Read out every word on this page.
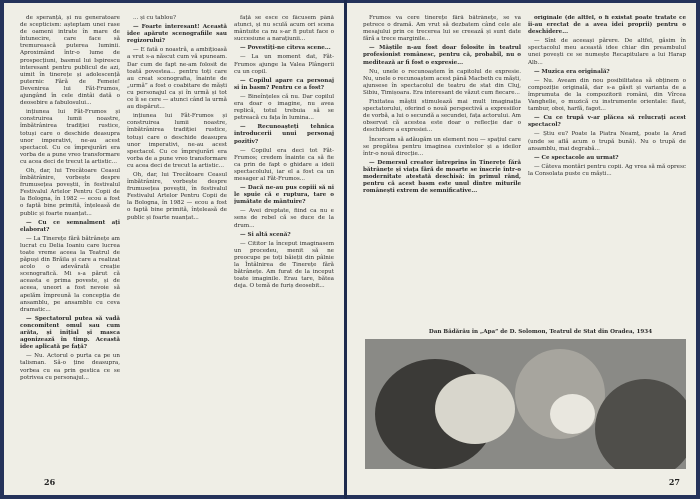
de speranță, și nu generatoare de scepticism: așteptam unei rase de oameni intrate în mare de întunecire, care face să tremurească puterea luminii. Aproximând într-o lume de prospecțiuni, basmul lui Ispirescu interesant pentru publicul de azi, uimit în tinerețe și adolescență puternic Fără de Femeie! Devenirea lui Făt-Frumos, ajungând în cele dintâi dată o deosebire a fabulosului...

ințiunea lui Făt-Frumos și construirea lumii noastre, îmbătrânirea tradiției rustice, totuși care o deschide deasupra unor imperativi, ne-au acest spectacol. Cu ce împrejurări era vorba de a pune vreo transformare cu acea deci de trecut la artistic...

Oh, dar, lui Trecătoare Ceasul îmbătrânire, vorbește despre frumusețea poveștii, în festivalul Festivalul Artelor Pentru Copii de la Bologna, în 1982 — ecou a fost o faptă bine primită, înțeleasă de public și foarte nuanțat...

— Cu ce semnalment ați elaborat?

— La Tinerețe fără bătrânețe am lucrat cu Delia Ioaniu care lucrea toate vreme aceea la Teatrul de păpuși din Brăila și care a realizat acolo o adevărată creație scenografică. Mi s-a părut că aceasta e prima poveste, și de aceea, uneori a fost nevoie să apelăm împreună la concepția de ansamblu, pe ansamblu cu ceva dramatic...

— Spectatorul putea să vadă concomitent omul sau cum arăta, și inițial și masca agonizează în timp. Această idee aplicată pe față?

— Nu. Actorul o purta ca pe un talisman. Să-o ține deasupra, vorbea cu ea prin gestica ce se potrivea cu personajul...

... și cu tablou?

— Foarte interesant! Această idee apărute scenografiile sau regizorului?

— E fată o noastră, a ambițioasă a vrut s-a născut cum vă spuneam. Dar cum de fapt ne-am folosit de toată povestea... pentru toți care au creat scenografia, înainte de „urmă” a fost o coabitare de măști cu personajul ca și în urmă și tot ce îi se cere — atunci când la urmă au dispărut...

ințiunea lui Făt-Frumos și construirea lumii noastre, îmbătrânirea tradiției rustice, totuși care o deschide deasupra unor imperativi, ne-au acest spectacol. Cu ce împrejurări era vorba de a pune vreo transformare cu acea deci de trecut la artistic...

Oh, dar, lui Trecătoare Ceasul îmbătrânire, vorbește despre frumusețea poveștii, în festivalul Festivalul Artelor Pentru Copii de la Bologna, în 1982 — ecou a fost o faptă bine primită, înțeleasă de public și foarte nuanțat...

față se esce ce fâcusem până atunci, și nu sculă acum ori scena mântuite ca nu s-ar fi putut face o succesiune a narațiunii...

— Povestiți-ne citeva scene...

— La un moment dat, Făt-Frumos ajunge la Valea Plângerii cu un copil.

— Copilul apare ca personaj si in basm? Pentru ce a fost?

— Bineînțeles că nu. Dar copilul era doar o imagine, nu avea replică, totul trebuia să se petreacă cu fața în lumina...

— Recunoașteți tehnica introducerii unui personaj pozitiv?

— Copilul era deci tot Făt-Frumos; credem înainte ca să fie ca prin de fapt o ghidare a ideii spectacolului, iar el a fost ca un mesager al Făt-Frumos...

— Dacă ne-au pus copiii să ni le spuie că e ruptura, tare o jumătate de mântuire?

— Avei dreptate, fiind ca nu e sens de rebel că se duce de la drum...

— Si altă scenă?

— Cititor la început imaginasem un procedeu, menit să ne preocupe pe toți băieții din pâlnie la Întâlnirea de Tinerețe fără bătrânețe. Am furat de la inceput toate imaginile. Erau tare, bătea deja. O temă de furiș deosebit...

26

Frumos va cere tinerețe fără bătrânețe, se va petrece o dramă. Am vrut să dezbatem când cele ale mesajului prin ce trecerea lui se creează și sunt date fără a trece marginile...

— Măștile n-au fost doar folosite în teatrul profesionist românesc, pentru că, probabil, nu o meditează ar fi fost o expresie...

Nu, unele o recunoaștem în capitolul de expresie. Nu, unele o recunoaștem acest până Macbeth cu măști, ajunsese în spectacolul de teatru de stat din Cluj, Sibiu, Timișoara. Era interesant de văzut cum fiecare...

Fixitatea măștii stimulează mai mult imaginația spectatorului, oferind o nouă perspectivă a expresiilor de vorbă, a lui o secundă a secundei, fața actorului. Am observat că acestea este doar o reflecție dar o deschidere a expresiei...

Încercam să adăugăm un element nou — spațiul care se pregătea pentru imaginea cuvintelor și a ideilor într-o nouă direcție...

— Demersul creator întreprins în Tinerețe fără bătrânețe și viața fără de moarte se înscrie într-o modernitate atestată deschisă: în primul rând, pentru că acest basm este unul dintre miturile românești extrem de semnificative...

originale (de altfel, o fi existat poate tratate ce îi-au erectat de a avea idei proprii) pentru o deschidere...

— Sînt de aceeași părere. De altfel, găsim în spectacolul meu această idee chiar din preambulul unei povești ce se numește Recapitulare a lui Harap Alb...

— Muzica era originală?

— Nu. Aveam din nou posibilitatea să obținem o compoziție originală, dar s-a găsit și varianta de a împrumuta de la compozitorii români, din Vîrcea Vanghelie, o muzică cu instrumente orientale: flaut, tambur, oboi, harfă, fagot...

— Cu ce trupă v-ar plăcea să relucrați acest spectacol?

— Știu eu? Poate la Piatra Neamț, poate la Arad (unde se află acum o trupă bună). Nu o trupă de ansamblu, mai degrabă...

— Ce spectacole au urmat?

— Câteva montări pentru copii. Ag vrea să mă opresc la Consolata puste cu măști...

Dan Bădărău în „Apa” de D. Solomon, Teatrul de Stat din Oradea, 1934
27
